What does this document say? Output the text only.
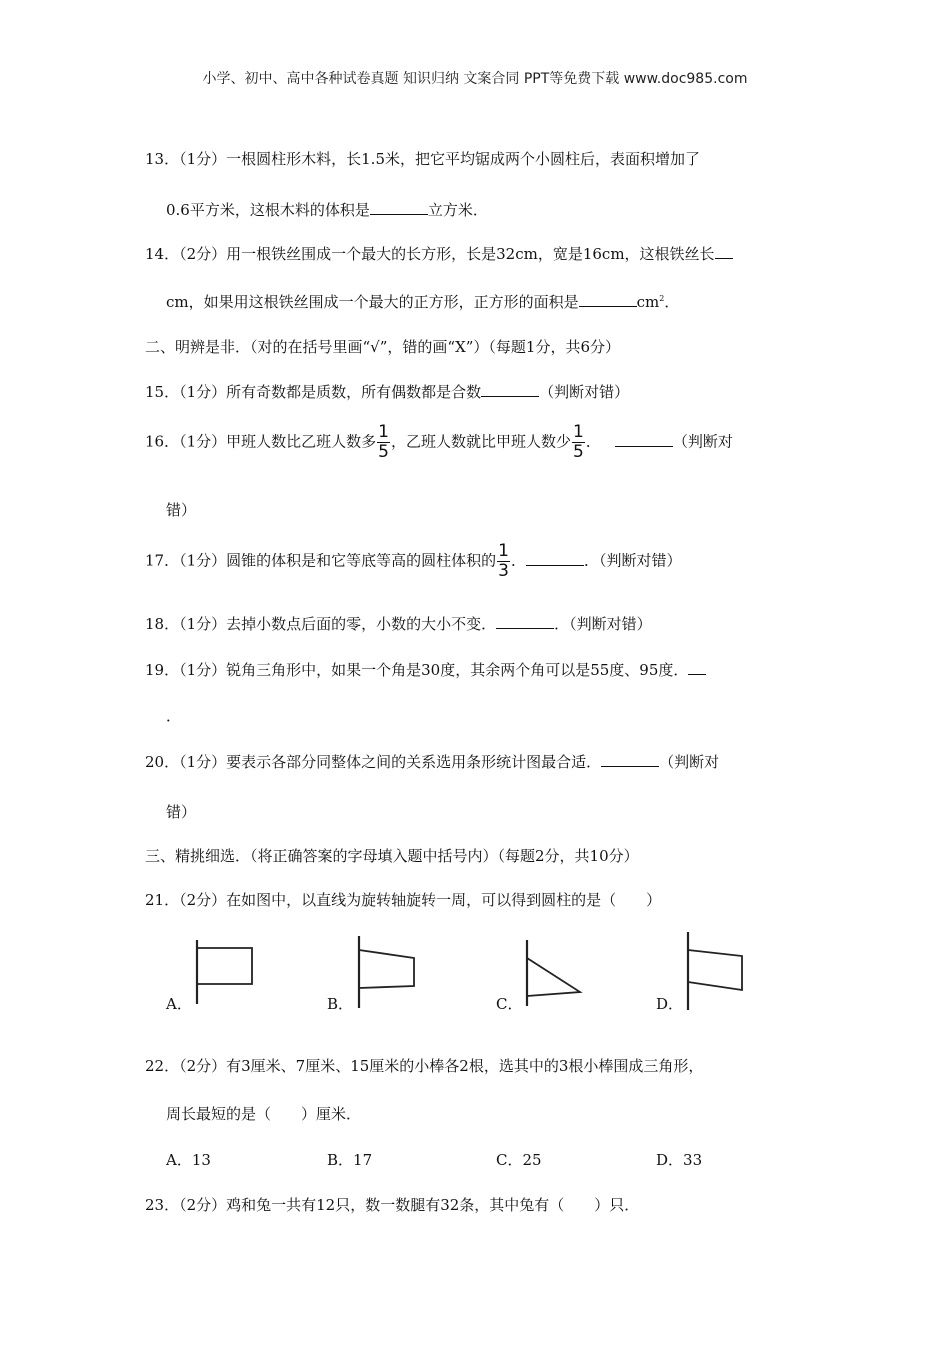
小学、初中、高中各种试卷真题 知识归纳 文案合同 PPT等免费下载 www.doc985.com
13．（1分）一根圆柱形木料，长1.5米，把它平均锯成两个小圆柱后，表面积增加了
0.6平方米，这根木料的体积是	立方米．
14．（2分）用一根铁丝围成一个最大的长方形，长是32cm，宽是16cm，这根铁丝长
cm，如果用这根铁丝围成一个最大的正方形，正方形的面积是	$cm^2$．
二、明辨是非．（对的在括号里画“√”，错的画“X”）（每题1分，共6分）
15．（1分）所有奇数都是质数，所有偶数都是合数	（判断对错）
16．（1分）甲班人数比乙班人数多 $\frac{1}{5}$ ，乙班人数就比甲班人数少 $\frac{1}{5}$ ．	（判断对
错）
17．（1分）圆锥的体积是和它等底等高的圆柱体积的 $\frac{1}{3}$ ．	．（判断对错）
18．（1分）去掉小数点后面的零，小数的大小不变．	．（判断对错）
19．（1分）锐角三角形中，如果一个角是30度，其余两个角可以是55度、95度．
．
20．（1分）要表示各部分同整体之间的关系选用条形统计图最合适．	（判断对
错）
三、精挑细选．（将正确答案的字母填入题中括号内）（每题2分，共10分）
21．（2分）在如图中，以直线为旋转轴旋转一周，可以得到圆柱的是（　　）
A．	B．	C．	D．
22．（2分）有3厘米、7厘米、15厘米的小棒各2根，选其中的3根小棒围成三角形，
周长最短的是（　　）厘米．
A．13	B．17	C．25	D．33
23．（2分）鸡和兔一共有12只，数一数腿有32条，其中兔有（　　）只．
